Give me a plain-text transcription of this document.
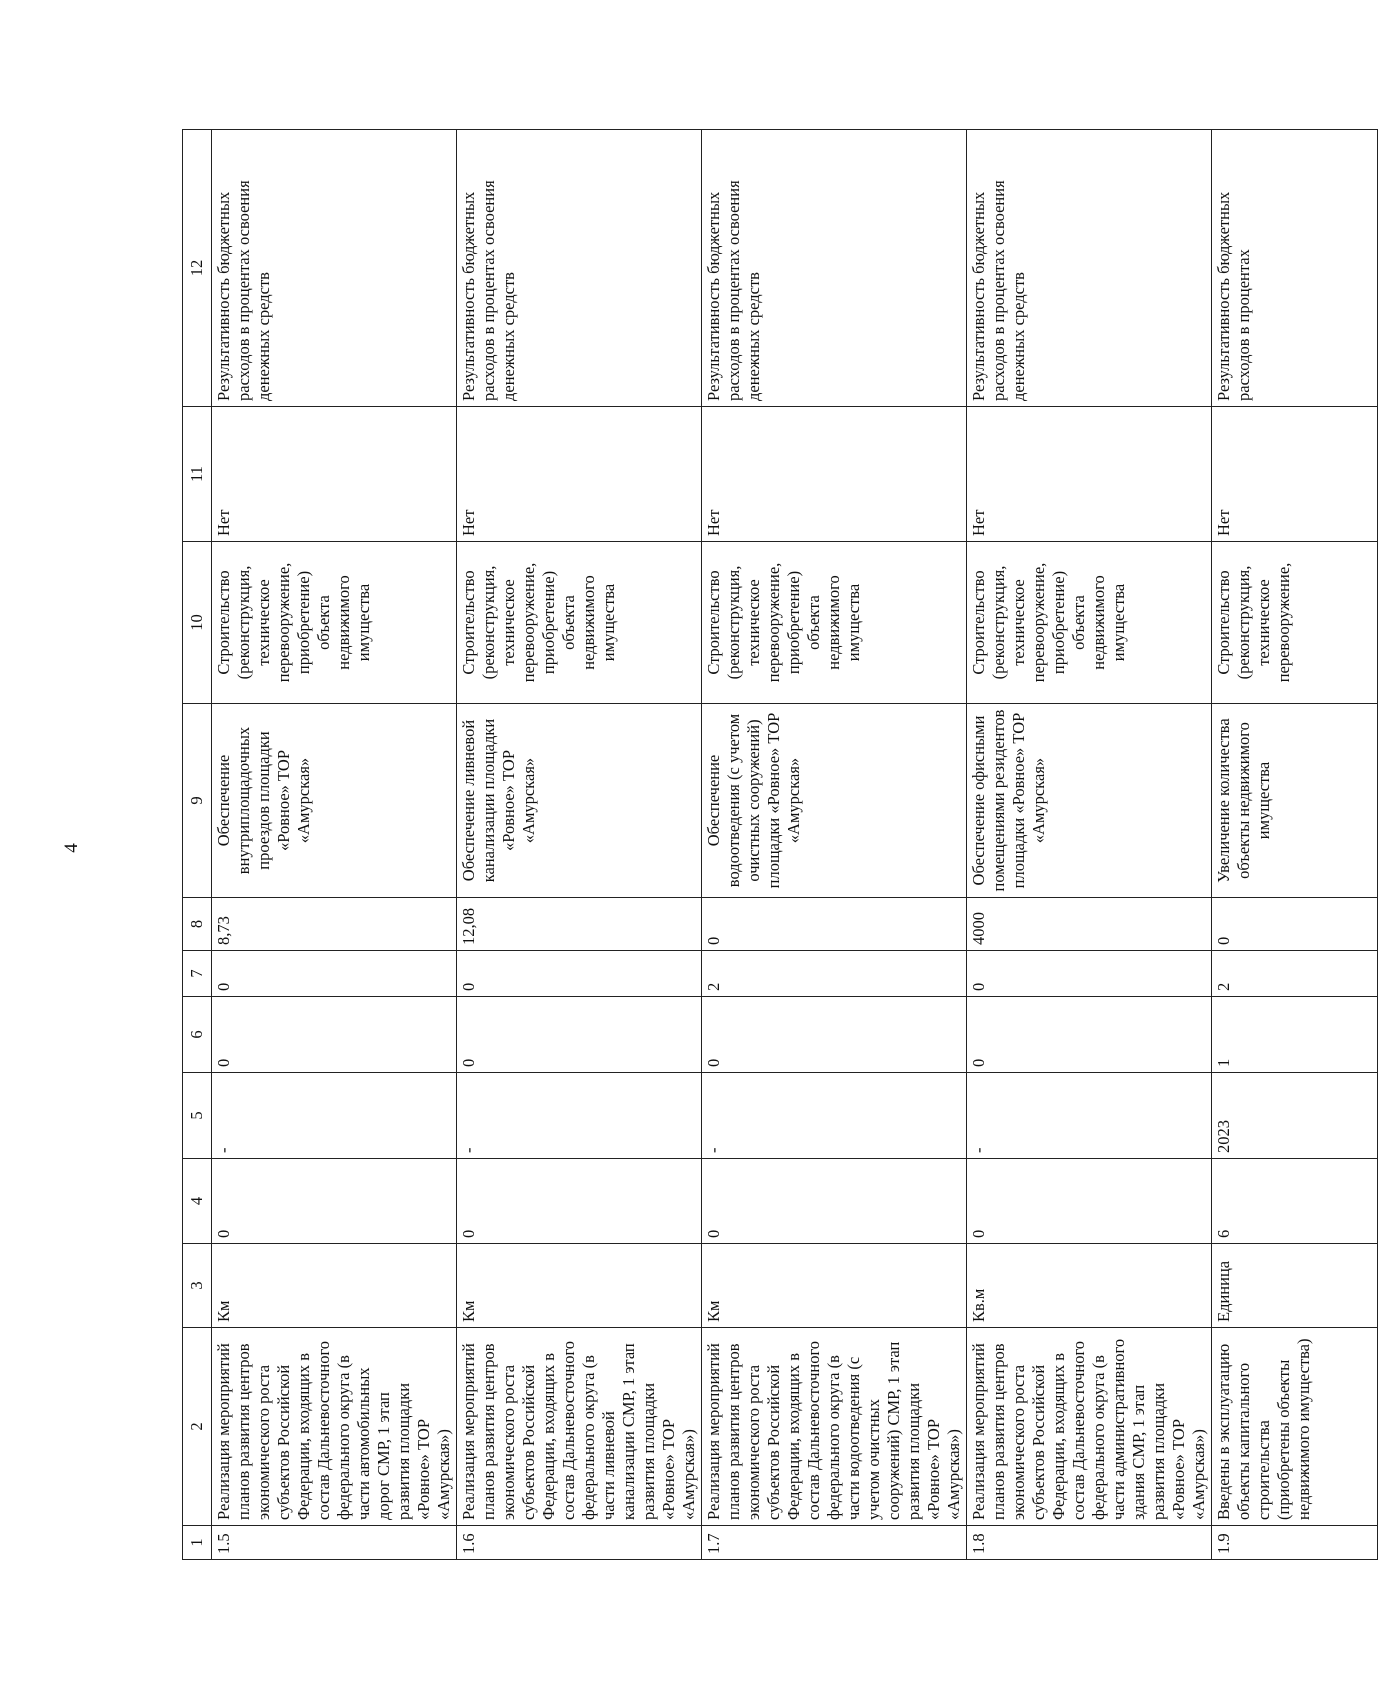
4
1	2	3	4	5	6	7	8	9	10	11	12
1.5	Реализация мероприятий планов развития центров экономического роста субъектов Российской Федерации, входящих в состав Дальневосточного федерального округа (в части автомобильных дорог СМР, 1 этап развития площадки «Ровное» ТОР «Амурская»)	Км	0	-	0	0	8,73	Обеспечение внутриплощадочных проездов площадки «Ровное» ТОР «Амурская»	Строительство (реконструкция, техническое перевооружение, приобретение) объекта недвижимого имущества	Нет	Результативность бюджетных расходов в процентах освоения денежных средств
1.6	Реализация мероприятий планов развития центров экономического роста субъектов Российской Федерации, входящих в состав Дальневосточного федерального округа (в части ливневой канализации СМР, 1 этап развития площадки «Ровное» ТОР «Амурская»)	Км	0	-	0	0	12,08	Обеспечение ливневой канализации площадки «Ровное» ТОР «Амурская»	Строительство (реконструкция, техническое перевооружение, приобретение) объекта недвижимого имущества	Нет	Результативность бюджетных расходов в процентах освоения денежных средств
1.7	Реализация мероприятий планов развития центров экономического роста субъектов Российской Федерации, входящих в состав Дальневосточного федерального округа (в части водоотведения (с учетом очистных сооружений) СМР, 1 этап развития площадки «Ровное» ТОР «Амурская»)	Км	0	-	0	2	0	Обеспечение водоотведения (с учетом очистных сооружений) площадки «Ровное» ТОР «Амурская»	Строительство (реконструкция, техническое перевооружение, приобретение) объекта недвижимого имущества	Нет	Результативность бюджетных расходов в процентах освоения денежных средств
1.8	Реализация мероприятий планов развития центров экономического роста субъектов Российской Федерации, входящих в состав Дальневосточного федерального округа (в части административного здания СМР, 1 этап развития площадки «Ровное» ТОР «Амурская»)	Кв.м	0	-	0	0	4000	Обеспечение офисными помещениями резидентов площадки «Ровное» ТОР «Амурская»	Строительство (реконструкция, техническое перевооружение, приобретение) объекта недвижимого имущества	Нет	Результативность бюджетных расходов в процентах освоения денежных средств
1.9	Введены в эксплуатацию объекты капитального строительства (приобретены объекты недвижимого имущества)	Единица	6	2023	1	2	0	Увеличение количества объекты недвижимого имущества	Строительство (реконструкция, техническое перевооружение,	Нет	Результативность бюджетных расходов в процентах
